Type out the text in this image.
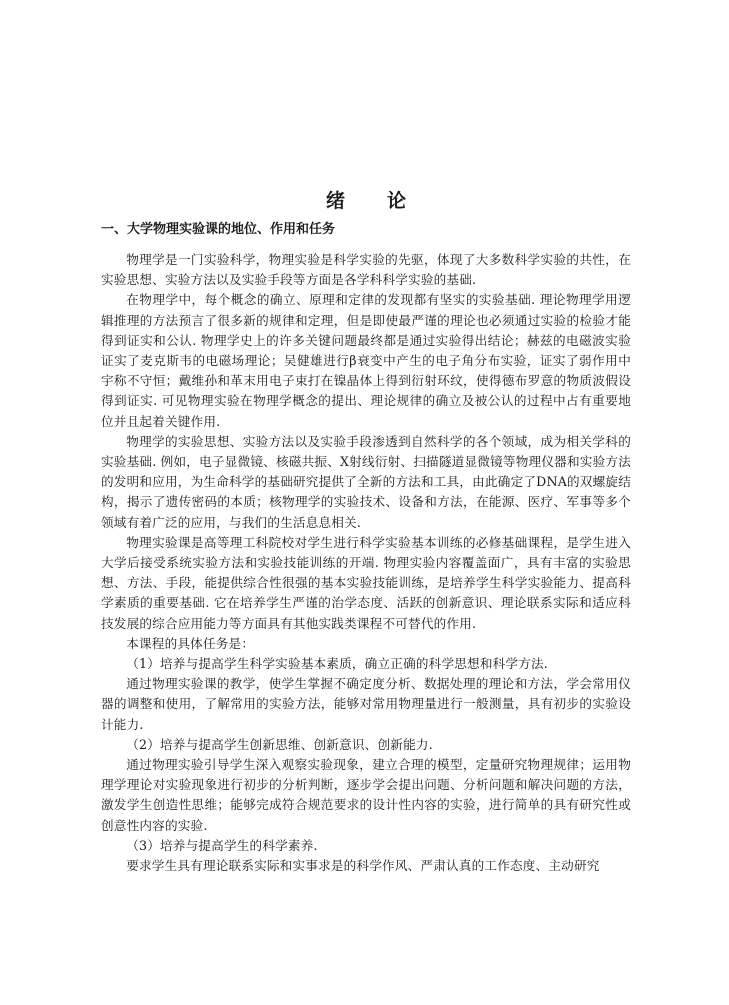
绪论
一、大学物理实验课的地位、作用和任务

物理学是一门实验科学，物理实验是科学实验的先驱，体现了大多数科学实验的共性，在实验思想、实验方法以及实验手段等方面是各学科科学实验的基础.

在物理学中，每个概念的确立、原理和定律的发现都有坚实的实验基础. 理论物理学用逻辑推理的方法预言了很多新的规律和定理，但是即使最严谨的理论也必须通过实验的检验才能得到证实和公认. 物理学史上的许多关键问题最终都是通过实验得出结论；赫兹的电磁波实验证实了麦克斯韦的电磁场理论；吴健雄进行β衰变中产生的电子角分布实验，证实了弱作用中宇称不守恒；戴维孙和革末用电子束打在镍晶体上得到衍射环纹，使得德布罗意的物质波假设得到证实. 可见物理实验在物理学概念的提出、理论规律的确立及被公认的过程中占有重要地位并且起着关键作用.

物理学的实验思想、实验方法以及实验手段渗透到自然科学的各个领域，成为相关学科的实验基础. 例如，电子显微镜、核磁共振、X射线衍射、扫描隧道显微镜等物理仪器和实验方法的发明和应用，为生命科学的基础研究提供了全新的方法和工具，由此确定了DNA的双螺旋结构，揭示了遗传密码的本质；核物理学的实验技术、设备和方法，在能源、医疗、军事等多个领域有着广泛的应用，与我们的生活息息相关.

物理实验课是高等理工科院校对学生进行科学实验基本训练的必修基础课程，是学生进入大学后接受系统实验方法和实验技能训练的开端. 物理实验内容覆盖面广，具有丰富的实验思想、方法、手段，能提供综合性很强的基本实验技能训练，是培养学生科学实验能力、提高科学素质的重要基础. 它在培养学生严谨的治学态度、活跃的创新意识、理论联系实际和适应科技发展的综合应用能力等方面具有其他实践类课程不可替代的作用.

本课程的具体任务是：

（1）培养与提高学生科学实验基本素质，确立正确的科学思想和科学方法.

通过物理实验课的教学，使学生掌握不确定度分析、数据处理的理论和方法，学会常用仪器的调整和使用，了解常用的实验方法，能够对常用物理量进行一般测量，具有初步的实验设计能力.

（2）培养与提高学生创新思维、创新意识、创新能力.

通过物理实验引导学生深入观察实验现象，建立合理的模型，定量研究物理规律；运用物理学理论对实验现象进行初步的分析判断，逐步学会提出问题、分析问题和解决问题的方法，激发学生创造性思维；能够完成符合规范要求的设计性内容的实验，进行简单的具有研究性或创意性内容的实验.

（3）培养与提高学生的科学素养.

要求学生具有理论联系实际和实事求是的科学作风、严肃认真的工作态度、主动研究
